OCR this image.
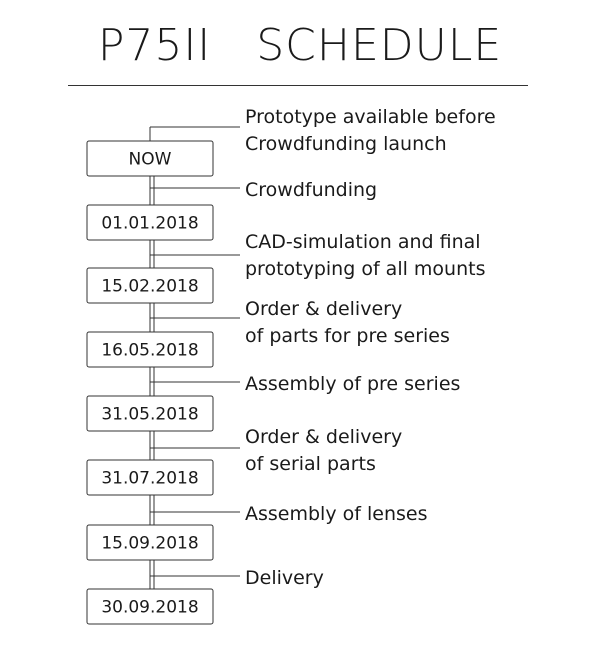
P75II   SCHEDULE
NOW
01.01.2018
15.02.2018
16.05.2018
31.05.2018
31.07.2018
15.09.2018
30.09.2018
Prototype available before
Crowdfunding launch
Crowdfunding
CAD-simulation and final
prototyping of all mounts
Order & delivery
of parts for pre series
Assembly of pre series
Order & delivery
of serial parts
Assembly of lenses
Delivery
